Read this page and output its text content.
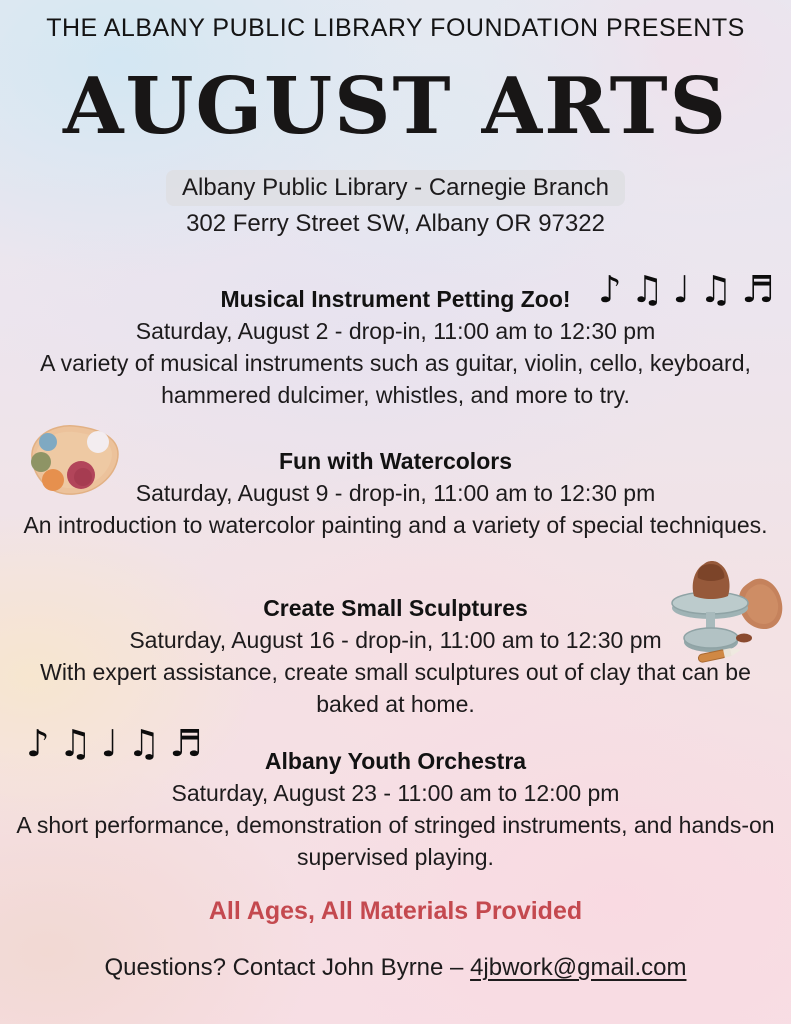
THE ALBANY PUBLIC LIBRARY FOUNDATION PRESENTS
AUGUST ARTS
Albany Public Library - Carnegie Branch
302 Ferry Street SW, Albany OR 97322
♪♫♩♫♬
♪♫♩♫♬
Musical Instrument Petting Zoo!
Saturday, August 2 - drop-in, 11:00 am to 12:30 pm

A variety of musical instruments such as guitar, violin, cello, keyboard, hammered dulcimer, whistles, and more to try.

Fun with Watercolors
Saturday, August 9 - drop-in, 11:00 am to 12:30 pm

An introduction to watercolor painting and a variety of special techniques.

Create Small Sculptures
Saturday, August 16 - drop-in, 11:00 am to 12:30 pm

With expert assistance, create small sculptures out of clay that can be baked at home.

Albany Youth Orchestra
Saturday, August 23 - 11:00 am to 12:00 pm

A short performance, demonstration of stringed instruments, and hands-on supervised playing.

All Ages, All Materials Provided
Questions? Contact John Byrne – 4jbwork@gmail.com
